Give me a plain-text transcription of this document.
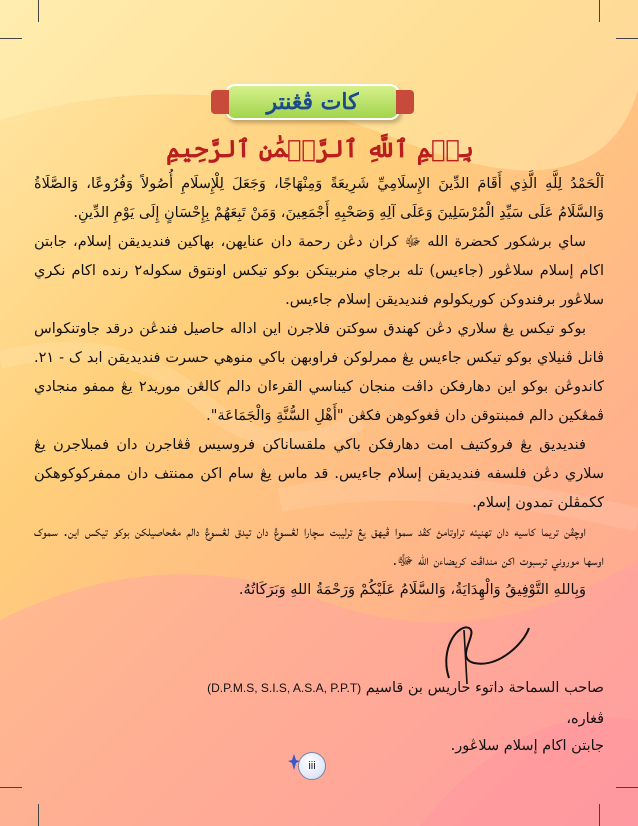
كات ڤڠنتر
بِسۡمِ ٱللَّهِ ٱلرَّحۡمَٰنِ ٱلرَّحِيمِ

اَلْحَمْدُ لِلَّهِ الَّذِي أَقَامَ الدِّينَ الإِسلَامِيِّ شَرِيعَةً وَمِنْهَاجًا، وَجَعَلَ لِلْإِسلَامِ أُصُولاً وَفُرُوعًا، وَالصَّلَاةُ وَالسَّلَامُ عَلَى سَيِّدِ الْمُرْسَلِينَ وَعَلَى آلِهِ وَصَحْبِهِ أَجْمَعِينَ، وَمَنْ تَبِعَهُمْ بِإِحْسَانٍ إِلَى يَوْمِ الدِّينِ.

ساي برشکور کحضرة الله ﷻ کران دڠن رحمة دان عنايهن، بهاکين فنديديقن إسلام، جابتن اکام إسلام سلاڠور (جاءيس) تله برجاي منربيتکن بوکو تيکس اونتوق سکوله٢ رنده اکام نکري سلاڠور برفندوکن کوريکولوم فنديديقن إسلام جاءيس.

بوکو تيکس يڠ سلاري دڠن کهندق سوکتن فلاجرن اين اداله حاصيل فندڠن درقد جاوتنکواس ڤانل ڤنيلاي بوکو تيکس جاءيس يڠ ممرلوکن فراوبهن باکي منوهي حسرت فنديديقن ابد ک - ٢١. کاندوڠن بوکو اين دهارفکن داڤت منجان کيناسي القرءان دالم کالڠن موريد٢ يڠ ممفو منجادي ڤمڠکين دالم فمبنتوقن دان ڤغوکوهن فکڠن "أَهْلِ السُّنَّةِ وَالْجَمَاعَة".

فنديديق يڠ فروکتيف امت دهارفکن باکي ملقساناکن فروسيس ڤڠاجرن دان فمبلاجرن يڠ سلاري دڠن فلسفه فنديديقن إسلام جاءيس. قد ماس يڠ سام اکن ممنتف دان ممفرکوکوهکن ککمڤلن تمدون إسلام.

اوچڤن تريما کاسيه دان تهنيئه تراوتامڽ کڤد سموا ڤيهق يڠ ترليبت سچارا لڠسوڠ دان تيدق لڠسوڠ دالم مڠحاصيلکن بوکو تيکس اين. سموک اوسها موروني ترسبوت اکن منداڤت کريضاءن الله ﷻ.

وَبِاللهِ التَّوْفِيقُ وَالْهِدَايَةُ، وَالسَّلَامُ عَلَيْكُمْ وَرَحْمَةُ اللهِ وَبَرَكَاتُهُ.

صاحب السماحة داتوء حاريس بن قاسيم (D.P.M.S, S.I.S, A.S.A, P.P.T)
ڤغاره،
جابتن اکام إسلام سلاڠور.
iii
